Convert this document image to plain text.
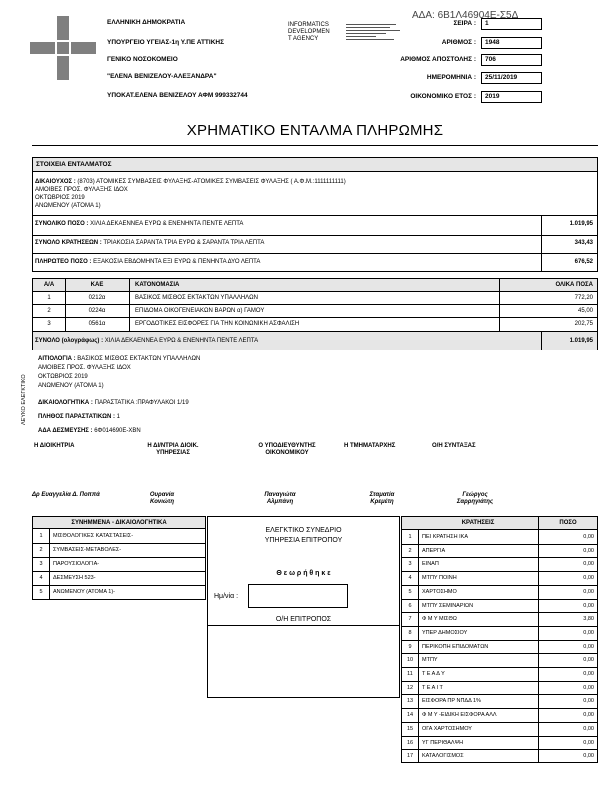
ΑΔΑ: 6Β1Λ46904Ε-Σ5Δ
ΕΛΛΗΝΙΚΗ ΔΗΜΟΚΡΑΤΙΑ
ΥΠΟΥΡΓΕΙΟ ΥΓΕΙΑΣ-1η Υ.ΠΕ ΑΤΤΙΚΗΣ
ΓΕΝΙΚΟ ΝΟΣΟΚΟΜΕΙΟ
"ΕΛΕΝΑ ΒΕΝΙΖΕΛΟΥ-ΑΛΕΞΑΝΔΡΑ"
ΥΠΟΚΑΤ.ΕΛΕΝΑ ΒΕΝΙΖΕΛΟΥ ΑΦΜ 999332744
INFORMATICS
DEVELOPMEN
T AGENCY
ΣΕΙΡΑ :	1
ΑΡΙΘΜΟΣ :	1948
ΑΡΙΘΜΟΣ ΑΠΟΣΤΟΛΗΣ :	706
ΗΜΕΡΟΜΗΝΙΑ :	25/11/2019
ΟΙΚΟΝΟΜΙΚΟ ΕΤΟΣ :	2019
ΧΡΗΜΑΤΙΚΟ ΕΝΤΑΛΜΑ ΠΛΗΡΩΜΗΣ
ΣΤΟΙΧΕΙΑ ΕΝΤΑΛΜΑΤΟΣ
ΔΙΚΑΙΟΥΧΟΣ : (8703) ΑΤΟΜΙΚΕΣ ΣΥΜΒΑΣΕΙΣ ΦΥΛΑΞΗΣ-ΑΤΟΜΙΚΕΣ ΣΥΜΒΑΣΕΙΣ ΦΥΛΑΞΗΣ ( Α.Φ.Μ.:1111111111)
ΑΜΟΙΒΕΣ ΠΡΟΣ. ΦΥΛΑΞΗΣ ΙΔΟΧ
ΟΚΤΩΒΡΙΟΣ 2019
ΑΝΩΜΕΝΟΥ (ΑΤΟΜΑ 1)
ΣΥΝΟΛΙΚΟ ΠΟΣΟ : ΧΙΛΙΑ ΔΕΚΑΕΝΝΕΑ ΕΥΡΩ & ΕΝΕΝΗΝΤΑ ΠΕΝΤΕ ΛΕΠΤΑ	1.019,95
ΣΥΝΟΛΟ ΚΡΑΤΗΣΕΩΝ : ΤΡΙΑΚΟΣΙΑ ΣΑΡΑΝΤΑ ΤΡΙΑ ΕΥΡΩ & ΣΑΡΑΝΤΑ ΤΡΙΑ ΛΕΠΤΑ	343,43
ΠΛΗΡΩΤΕΟ ΠΟΣΟ : ΕΞΑΚΟΣΙΑ ΕΒΔΟΜΗΝΤΑ ΕΞΙ ΕΥΡΩ & ΠΕΝΗΝΤΑ ΔΥΟ ΛΕΠΤΑ	676,52
Α/Α	ΚΑΕ	ΚΑΤΟΝΟΜΑΣΙΑ	ΟΛΙΚΑ ΠΟΣΑ
1	0212α	ΒΑΣΙΚΟΣ ΜΙΣΘΟΣ ΕΚΤΑΚΤΩΝ ΥΠΑΛΛΗΛΩΝ	772,20
2	0224α	ΕΠΙΔΟΜΑ ΟΙΚΟΓΕΝΕΙΑΚΩΝ ΒΑΡΩΝ α) ΓΑΜΟΥ	45,00
3	0561α	ΕΡΓΟΔΟΤΙΚΕΣ ΕΙΣΦΟΡΕΣ ΓΙΑ ΤΗΝ ΚΟΙΝΩΝΙΚΗ ΑΣΦΑΛΙΣΗ	202,75
ΣΥΝΟΛΟ (ολογράφως) : ΧΙΛΙΑ ΔΕΚΑΕΝΝΕΑ ΕΥΡΩ & ΕΝΕΝΗΝΤΑ ΠΕΝΤΕ ΛΕΠΤΑ	1.019,95
ΛΕΥΚΟ ΕΛΕΓΚΤΙΚΟ
ΑΙΤΙΟΛΟΓΙΑ : ΒΑΣΙΚΟΣ ΜΙΣΘΟΣ ΕΚΤΑΚΤΩΝ ΥΠΑΛΛΗΛΩΝ
ΑΜΟΙΒΕΣ ΠΡΟΣ. ΦΥΛΑΞΗΣ ΙΔΟΧ
ΟΚΤΩΒΡΙΟΣ 2019
ΑΝΩΜΕΝΟΥ (ΑΤΟΜΑ 1)
ΔΙΚΑΙΟΛΟΓΗΤΙΚΑ : ΠΑΡΑΣΤΑΤΙΚΑ :ΠΡΑΦΥΛΑΚΟΙ 1/19
ΠΛΗΘΟΣ ΠΑΡΑΣΤΑΤΙΚΩΝ : 1
ΑΔΑ ΔΕΣΜΕΥΣΗΣ : 6Φ014690Ε-ΧΒΝ
Η ΔΙΟΙΚΗΤΡΙΑ	Η ΔΙ/ΝΤΡΙΑ ΔΙΟΙΚ. ΥΠΗΡΕΣΙΑΣ
Ο ΥΠΟΔΙΕΥΘΥΝΤΗΣ ΟΙΚΟΝΟΜΙΚΟΥ
Η ΤΜΗΜΑΤΑΡΧΗΣ	Ο/Η ΣΥΝΤΑΞΑΣ
Δρ Ευαγγελία Δ. Ποππά	Ουρανία
Κονιώτη
Παναγιώτα
Αλμπάνη
Σταματία
Κρεμέτη
Γεώργος
Σαρρηγιάτης
ΣΥΝΗΜΜΕΝΑ - ΔΙΚΑΙΟΛΟΓΗΤΙΚΑ
1	ΜΙΣΘΟΛΟΓΙΚΕΣ ΚΑΤΑΣΤΑΣΕΙΣ-
2	ΣΥΜΒΑΣΕΙΣ-ΜΕΤΑΒΟΛΕΣ-
3	ΠΑΡΟΥΣΙΟΛΟΓΙΑ-
4	ΔΕΣΜΕΥΣΗ 523-
5	ΑΝΩΜΕΝΟΥ (ΑΤΟΜΑ 1)-
ΕΛΕΓΚΤΙΚΟ ΣΥΝΕΔΡΙΟ
ΥΠΗΡΕΣΙΑ ΕΠΙΤΡΟΠΟΥ
Θ ε ω ρ ή θ η κ ε
Ημ/νία :
Ο/Η ΕΠΙΤΡΟΠΟΣ
ΚΡΑΤΗΣΕΙΣ	ΠΟΣΟ
1	ΠΕΙ ΚΡΑΤΗΣΗ ΙΚΑ	0,00
2	ΑΠΕΡΓΙΑ	0,00
3	ΕΙΝΑΠ	0,00
4	ΜΤΠΥ ΠΟΙΝΗ	0,00
5	ΧΑΡΤΟΣΗΜΟ	0,00
6	ΜΤΠΥ ΣΕΜΙΝΑΡΙΩΝ	0,00
7	Φ Μ Υ ΜΙΣΘΩ	3,80
8	ΥΠΕΡ ΔΗΜΟΣΙΟΥ	0,00
9	ΠΕΡΙΚΟΠΗ ΕΠΙΔΟΜΑΤΩΝ	0,00
10	ΜΤΠΥ	0,00
11	Τ Ε Α Δ Υ	0,00
12	Τ Ε Α Ι Τ	0,00
13	ΕΙΣΦΟΡΑ ΠΡ ΝΠΔΔ 1%	0,00
14	Φ Μ Υ -ΕΙΔΙΚΗ ΕΙΣΦΟΡΑ ΑΛΛ	0,00
15	ΟΓΑ ΧΑΡΤΟΣΗΜΟΥ	0,00
16	ΥΓ ΠΕΡΙΘΑΛΨΗ	0,00
17	ΚΑΤΑΛΟΓΙΣΜΟΣ	0,00
